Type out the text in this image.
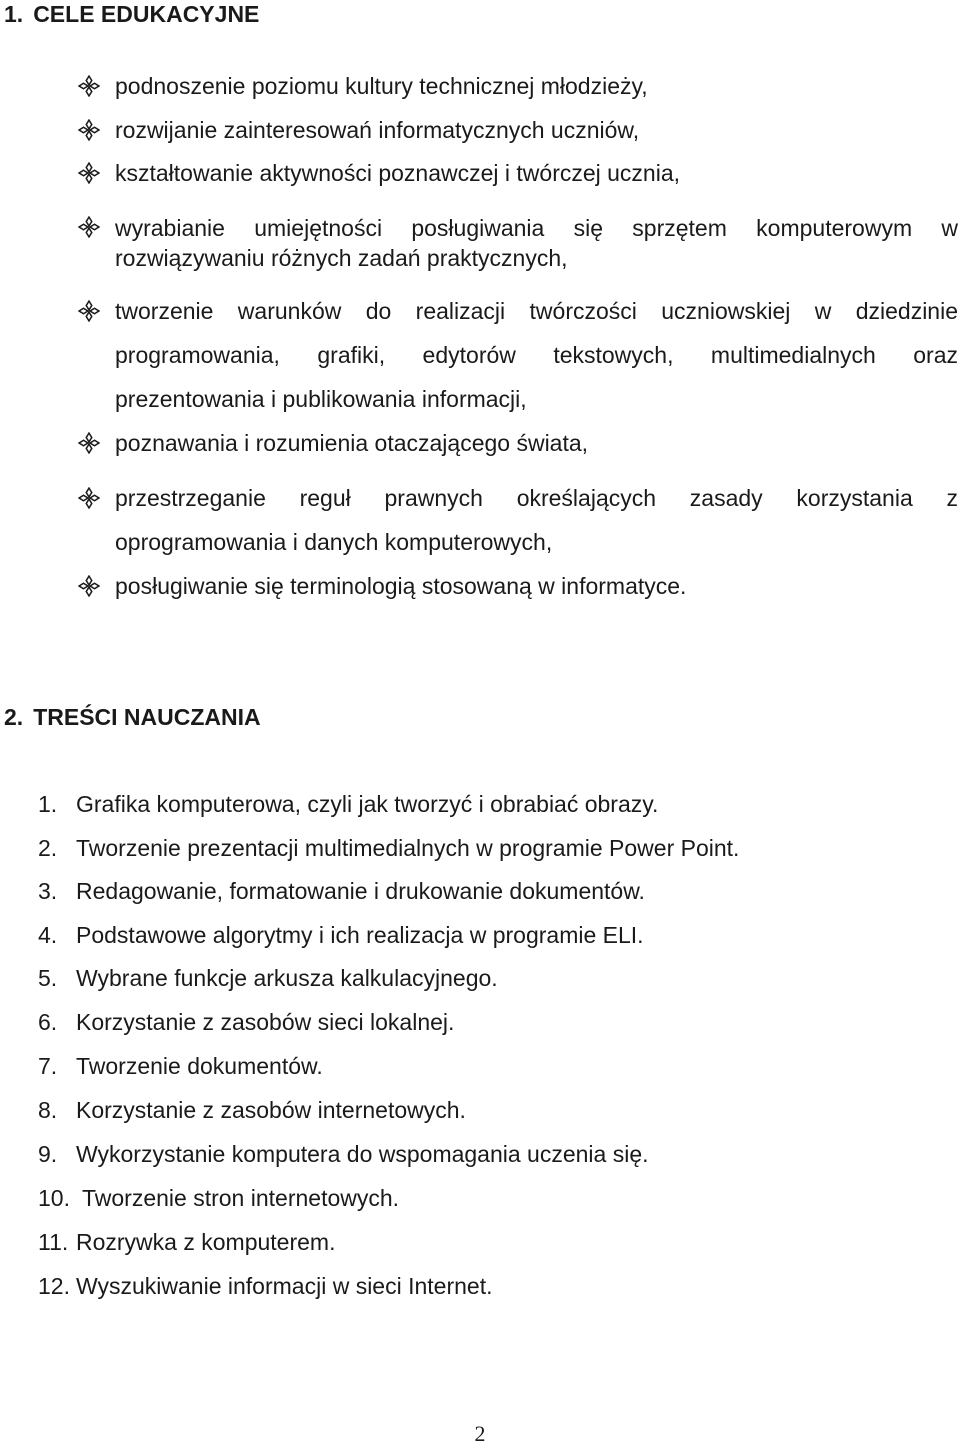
1. CELE EDUKACYJNE
podnoszenie poziomu kultury technicznej młodzieży,
rozwijanie zainteresowań informatycznych uczniów,
kształtowanie aktywności poznawczej i twórczej ucznia,
wyrabianie umiejętności posługiwania się sprzętem komputerowym w rozwiązywaniu różnych zadań praktycznych,
tworzenie warunków do realizacji twórczości uczniowskiej w dziedzinie programowania, grafiki, edytorów tekstowych, multimedialnych oraz prezentowania i publikowania informacji,
poznawania i rozumienia otaczającego świata,
przestrzeganie reguł prawnych określających zasady korzystania z oprogramowania i danych komputerowych,
posługiwanie się terminologią stosowaną w informatyce.
2. TREŚCI NAUCZANIA
1. Grafika komputerowa, czyli jak tworzyć i obrabiać obrazy.
2. Tworzenie prezentacji multimedialnych w programie Power Point.
3. Redagowanie, formatowanie i drukowanie dokumentów.
4. Podstawowe algorytmy i ich realizacja w programie ELI.
5. Wybrane funkcje arkusza kalkulacyjnego.
6. Korzystanie z zasobów sieci lokalnej.
7. Tworzenie dokumentów.
8. Korzystanie z zasobów internetowych.
9. Wykorzystanie komputera do wspomagania uczenia się.
10. Tworzenie stron internetowych.
11. Rozrywka z komputerem.
12. Wyszukiwanie informacji w sieci Internet.
2
